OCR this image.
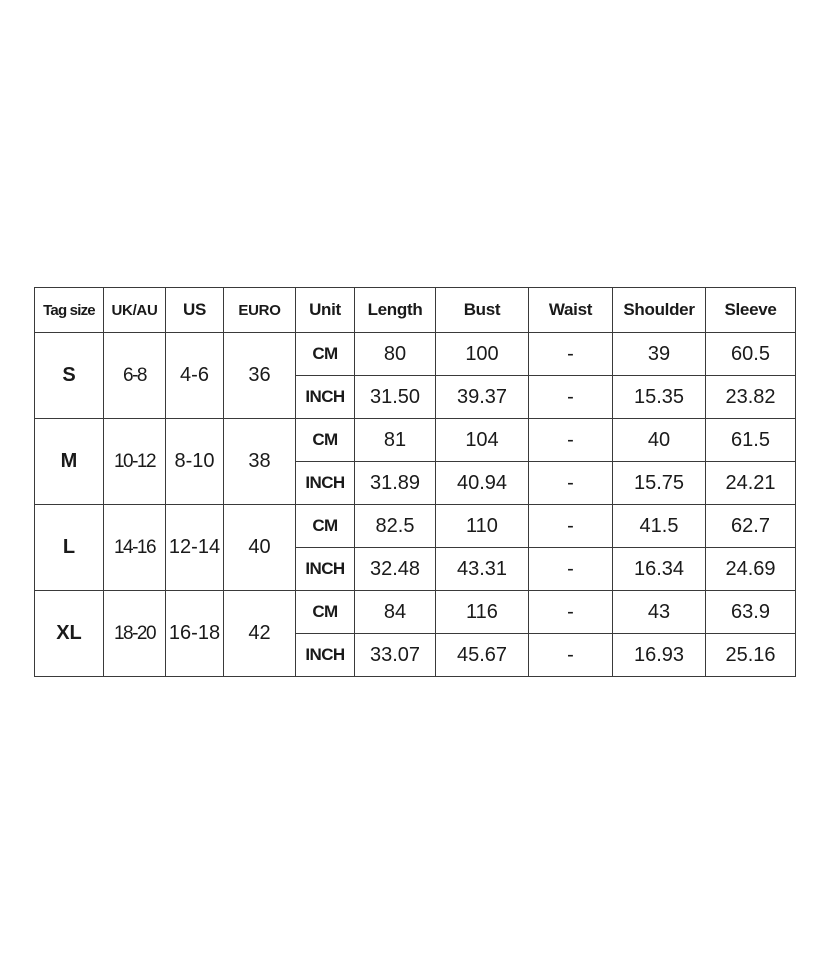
Tag size	UK/AU	US	EURO	Unit	Length	Bust	Waist	Shoulder	Sleeve
S	6-8	4-6	36	CM	80	100	-	39	60.5
				INCH	31.50	39.37	-	15.35	23.82
M	10-12	8-10	38	CM	81	104	-	40	61.5
				INCH	31.89	40.94	-	15.75	24.21
L	14-16	12-14	40	CM	82.5	110	-	41.5	62.7
				INCH	32.48	43.31	-	16.34	24.69
XL	18-20	16-18	42	CM	84	116	-	43	63.9
				INCH	33.07	45.67	-	16.93	25.16
